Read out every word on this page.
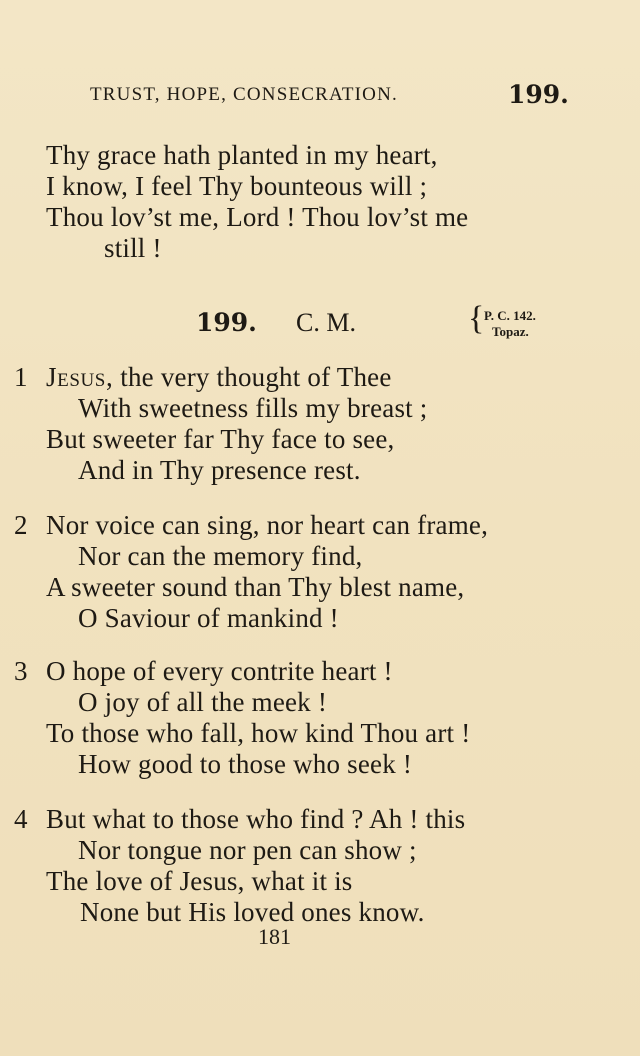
TRUST, HOPE, CONSECRATION.	199.
Thy grace hath planted in my heart,
I know, I feel Thy bounteous will ;
Thou lov’st me, Lord ! Thou lov’st me
still !
199. C. M.	{ P. C. 142.
Topaz.
1 Jesus, the very thought of Thee
With sweetness fills my breast ;
But sweeter far Thy face to see,
And in Thy presence rest.
2 Nor voice can sing, nor heart can frame,
Nor can the memory find,
A sweeter sound than Thy blest name,
O Saviour of mankind !
3 O hope of every contrite heart !
O joy of all the meek !
To those who fall, how kind Thou art !
How good to those who seek !
4 But what to those who find ? Ah ! this
Nor tongue nor pen can show ;
The love of Jesus, what it is
None but His loved ones know.
181
